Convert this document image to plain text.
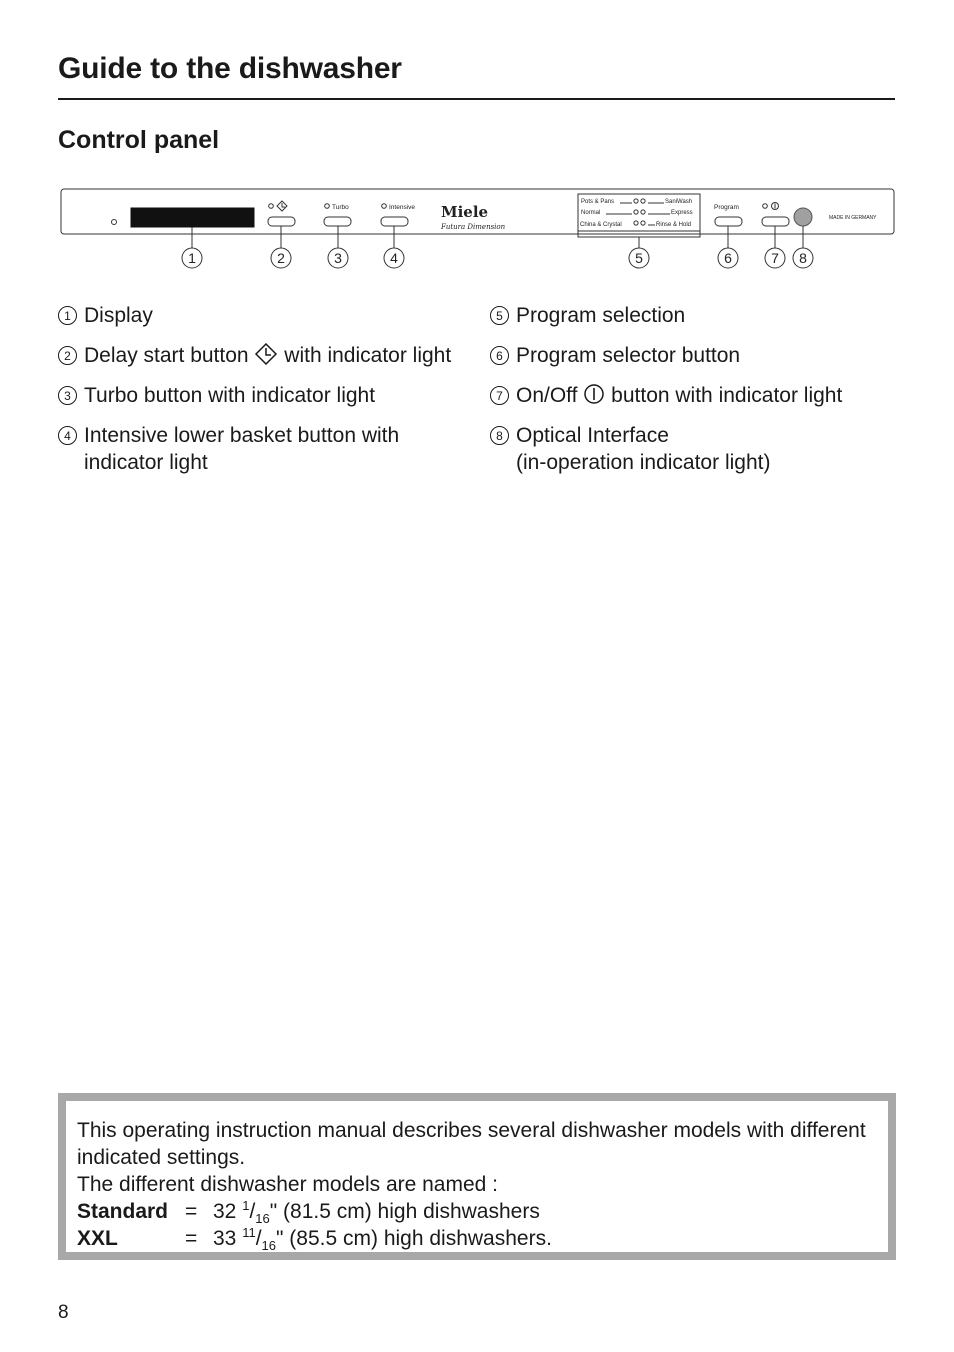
Guide to the dishwasher
Control panel
Turbo	Intensive Miele
Futura Dimension
Pots & Pans
Normal
China & Crystal
SaniWash
Express
Rinse & Hold
Program
MADE IN GERMANY
1	2	3	4	5	6	7 8
1 Display
2 Delay start button with indicator light
3 Turbo button with indicator light
4 Intensive lower basket button with indicator light
5 Program selection
6 Program selector button
7 On/Off button with indicator light
8 Optical Interface
(in-operation indicator light)
This operating instruction manual describes several dishwasher models with different indicated settings.
The different dishwasher models are named :
Standard = 32 $^1/_{16}$" (81.5 cm) high dishwashers
XXL	= 33 $^{11}/_{16}$" (85.5 cm) high dishwashers.
8
